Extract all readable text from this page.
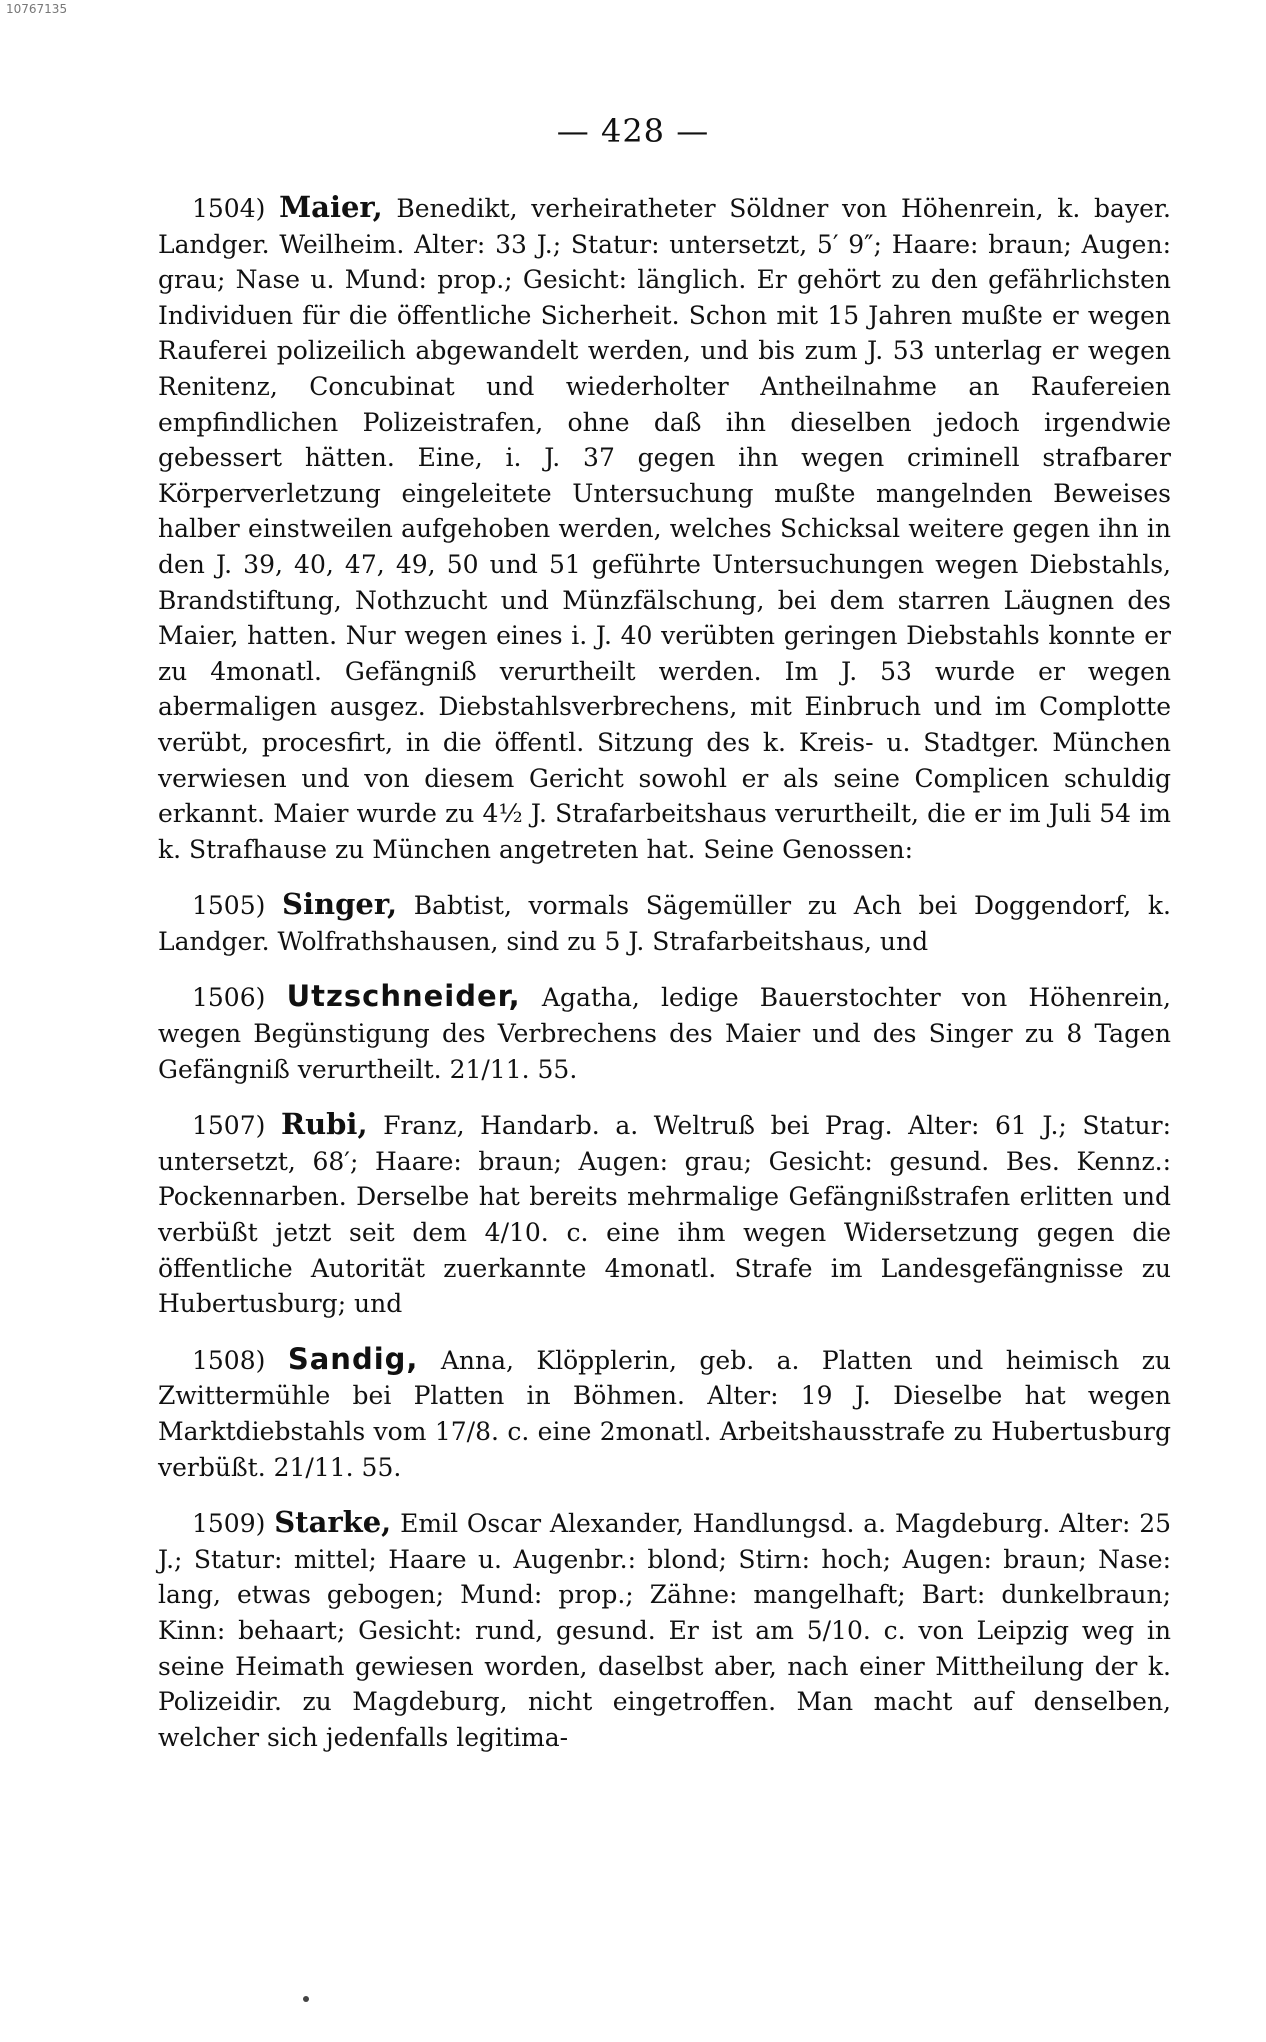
10767135
— 428 —

1504) Maier, Benedikt, verheiratheter Söldner von Höhenrein, k. bayer. Landger. Weilheim. Alter: 33 J.; Statur: untersetzt, 5′ 9″; Haare: braun; Augen: grau; Nase u. Mund: prop.; Gesicht: länglich. Er gehört zu den gefährlichsten Individuen für die öffentliche Sicherheit. Schon mit 15 Jahren mußte er wegen Rauferei polizeilich abgewandelt werden, und bis zum J. 53 unterlag er wegen Renitenz, Concubinat und wiederholter Antheilnahme an Raufereien empfindlichen Polizeistrafen, ohne daß ihn dieselben jedoch irgendwie gebessert hätten. Eine, i. J. 37 gegen ihn wegen criminell strafbarer Körperverletzung eingeleitete Untersuchung mußte mangelnden Beweises halber einstweilen aufgehoben werden, welches Schicksal weitere gegen ihn in den J. 39, 40, 47, 49, 50 und 51 geführte Untersuchungen wegen Diebstahls, Brandstiftung, Nothzucht und Münzfälschung, bei dem starren Läugnen des Maier, hatten. Nur wegen eines i. J. 40 verübten geringen Diebstahls konnte er zu 4monatl. Gefängniß verurtheilt werden. Im J. 53 wurde er wegen abermaligen ausgez. Diebstahlsverbrechens, mit Einbruch und im Complotte verübt, procesfirt, in die öffentl. Sitzung des k. Kreis- u. Stadtger. München verwiesen und von diesem Gericht sowohl er als seine Complicen schuldig erkannt. Maier wurde zu 4½ J. Strafarbeitshaus verurtheilt, die er im Juli 54 im k. Strafhause zu München angetreten hat. Seine Genossen:

1505) Singer, Babtist, vormals Sägemüller zu Ach bei Doggendorf, k. Landger. Wolfrathshausen, sind zu 5 J. Strafarbeitshaus, und

1506) Utzschneider, Agatha, ledige Bauerstochter von Höhenrein, wegen Begünstigung des Verbrechens des Maier und des Singer zu 8 Tagen Gefängniß verurtheilt. 21/11. 55.

1507) Rubi, Franz, Handarb. a. Weltruß bei Prag. Alter: 61 J.; Statur: untersetzt, 68′; Haare: braun; Augen: grau; Gesicht: gesund. Bes. Kennz.: Pockennarben. Derselbe hat bereits mehrmalige Gefängnißstrafen erlitten und verbüßt jetzt seit dem 4/10. c. eine ihm wegen Widersetzung gegen die öffentliche Autorität zuerkannte 4monatl. Strafe im Landesgefängnisse zu Hubertusburg; und

1508) Sandig, Anna, Klöpplerin, geb. a. Platten und heimisch zu Zwittermühle bei Platten in Böhmen. Alter: 19 J. Dieselbe hat wegen Marktdiebstahls vom 17/8. c. eine 2monatl. Arbeitshausstrafe zu Hubertusburg verbüßt. 21/11. 55.

1509) Starke, Emil Oscar Alexander, Handlungsd. a. Magdeburg. Alter: 25 J.; Statur: mittel; Haare u. Augenbr.: blond; Stirn: hoch; Augen: braun; Nase: lang, etwas gebogen; Mund: prop.; Zähne: mangelhaft; Bart: dunkelbraun; Kinn: behaart; Gesicht: rund, gesund. Er ist am 5/10. c. von Leipzig weg in seine Heimath gewiesen worden, daselbst aber, nach einer Mittheilung der k. Polizeidir. zu Magdeburg, nicht eingetroffen. Man macht auf denselben, welcher sich jedenfalls legitima-
